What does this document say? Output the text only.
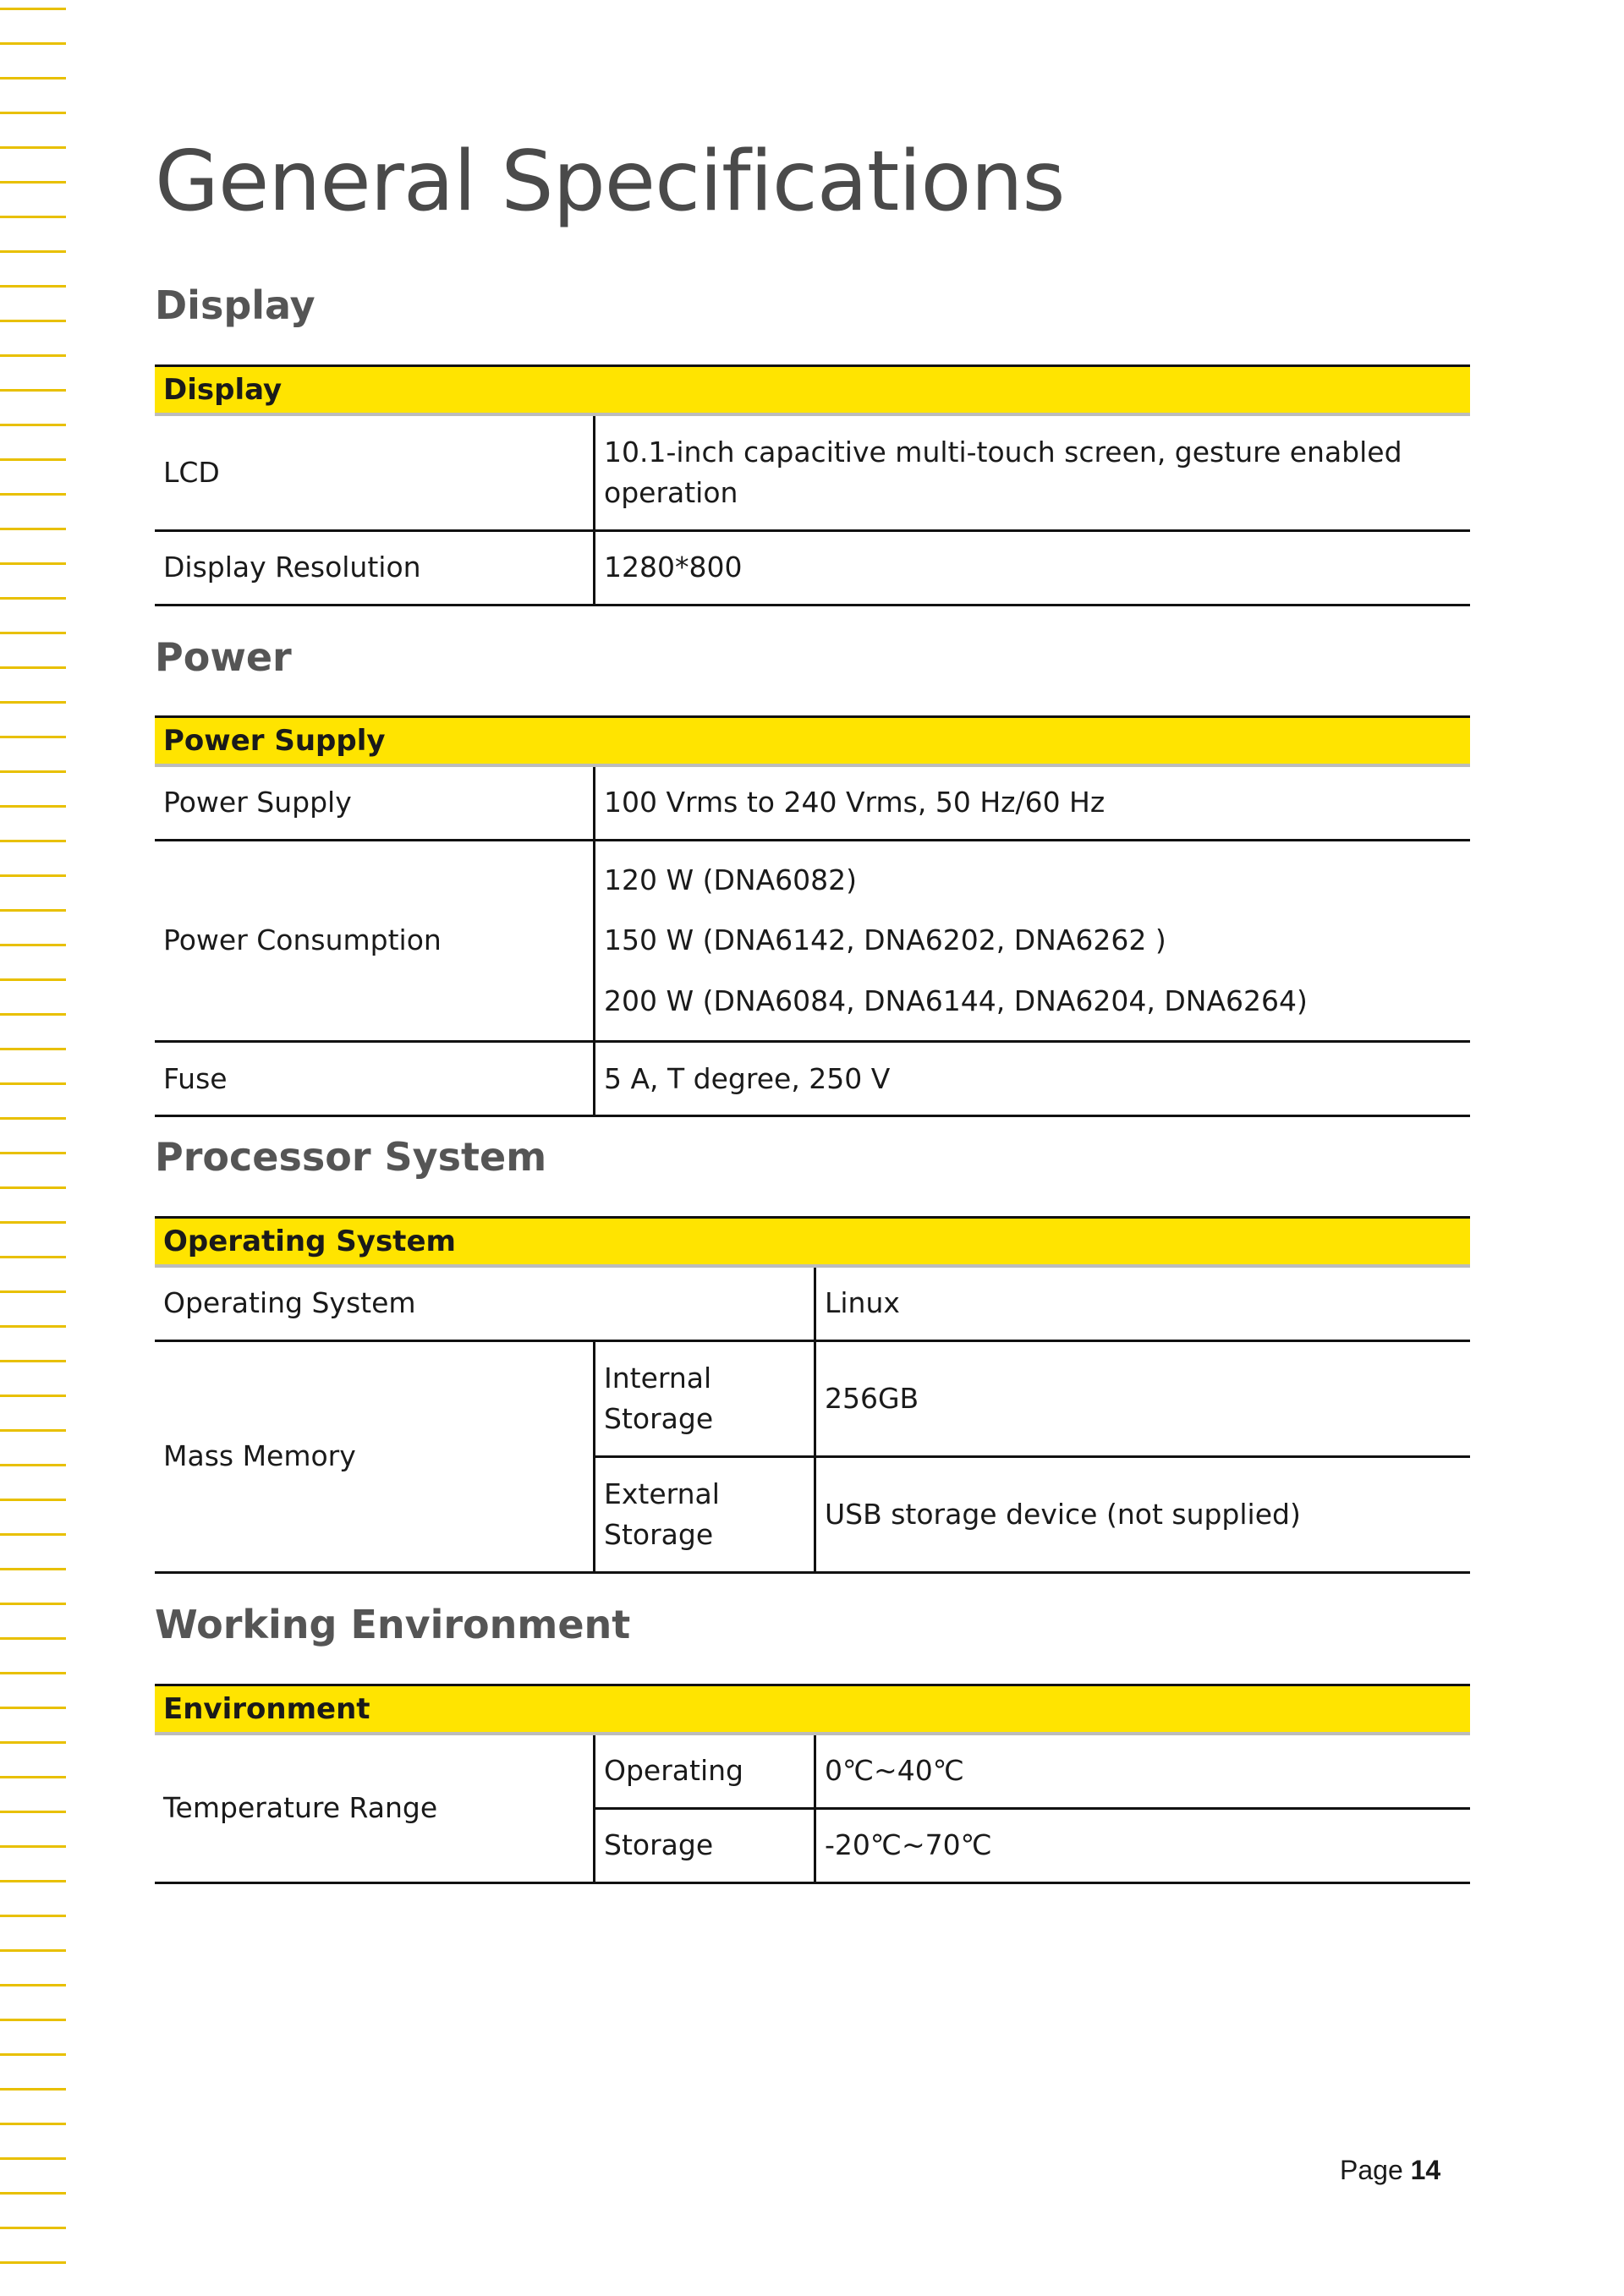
General Specifications
Display
Display	
LCD	10.1-inch capacitive multi-touch screen, gesture enabled operation
Display Resolution	1280*800
Power
Power Supply	
Power Supply	100 Vrms to 240 Vrms, 50 Hz/60 Hz
Power Consumption	120 W (DNA6082)
150 W (DNA6142, DNA6202, DNA6262 )
200 W (DNA6084, DNA6144, DNA6204, DNA6264)

Fuse	5 A, T degree, 250 V
Processor System
Operating System		
Operating System		Linux
Mass Memory	Internal Storage	256GB
	External Storage	USB storage device (not supplied)
Working Environment
Environment		
Temperature Range	Operating	0℃~40℃
	Storage	-20℃~70℃
Page 14
